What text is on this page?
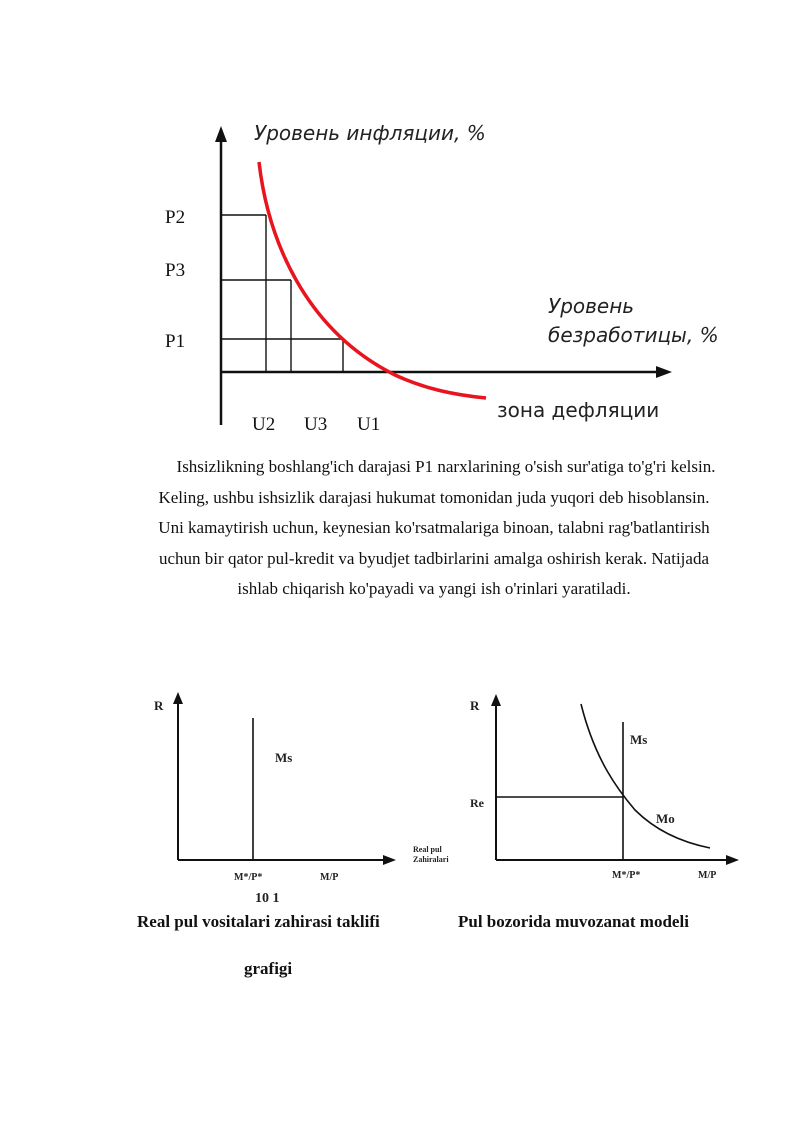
Уровень инфляции, %
Уровень
безработицы, %
зона дефляции
P2
P3
P1
U2 U3 U1

Ishsizlikning boshlang'ich darajasi P1 narxlarining o'sish sur'atiga to'g'ri kelsin.
Keling, ushbu ishsizlik darajasi hukumat tomonidan juda yuqori deb hisoblansin.
Uni kamaytirish uchun, keynesian ko'rsatmalariga binoan, talabni rag'batlantirish
uchun bir qator pul-kredit va byudjet tadbirlarini amalga oshirish kerak. Natijada
ishlab chiqarish ko'payadi va yangi ish o'rinlari yaratiladi.

R
Ms
M*/P*	M/P
Real pul
Zahiralari
10 1
R
Ms
Mo
Re
M*/P*	M/P

Real pul vositalari zahirasi taklifi

grafigi

Pul bozorida muvozanat modeli
